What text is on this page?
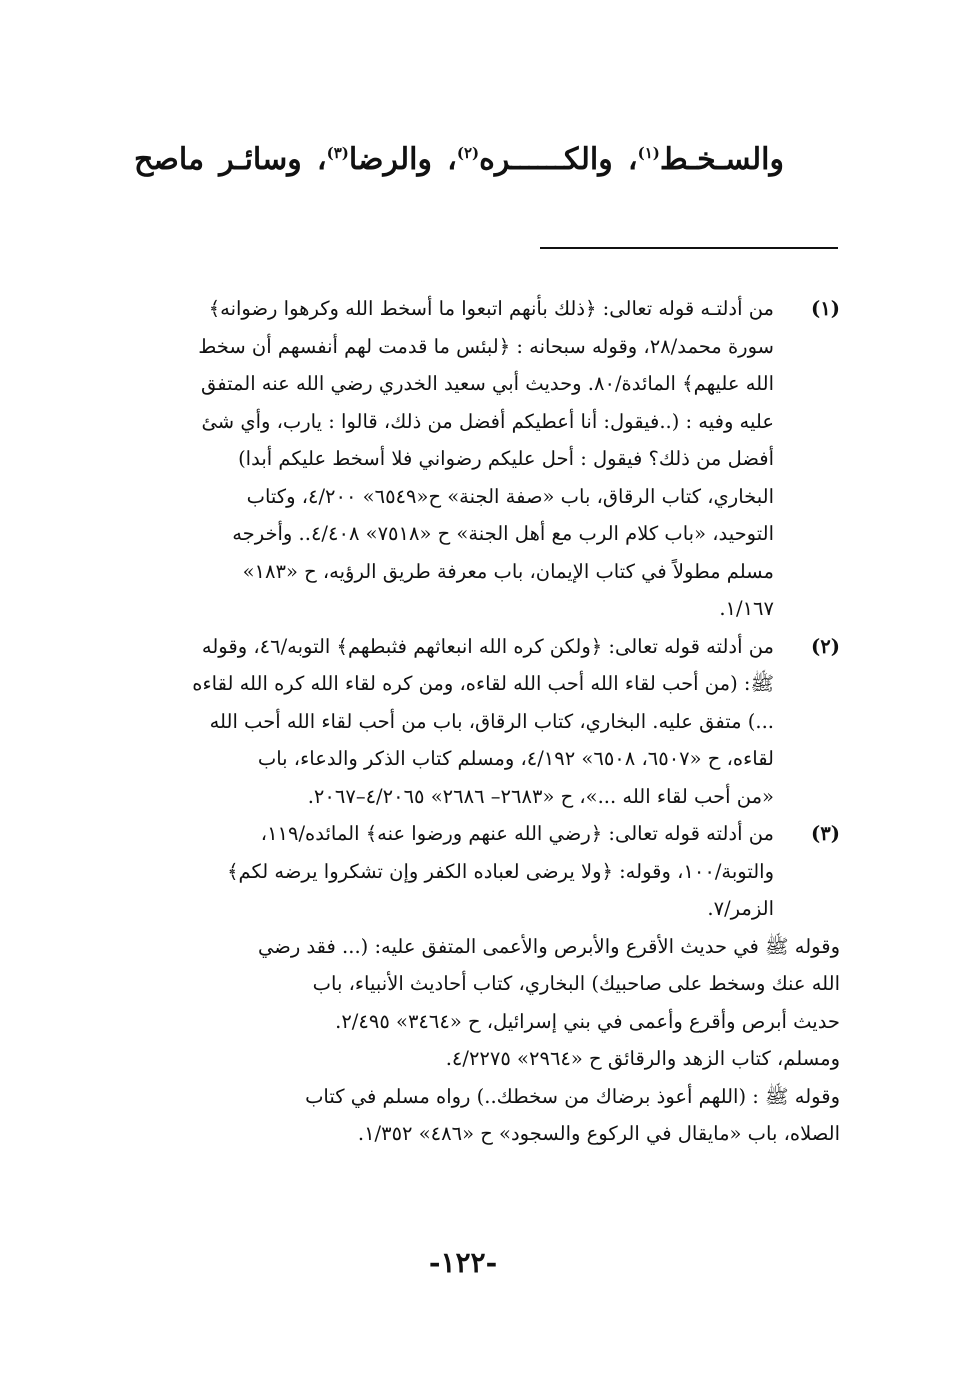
والسـخـط$^{(١)}$، والكــــــره$^{(٢)}$، والرضا$^{(٣)}$، وسائـر ماصح
(١)

من أدلتـه قوله تعالى: ﴿ذلك بأنهم اتبعوا ما أسخط الله وكرهوا رضوانه﴾

سورة محمد/٢٨، وقوله سبحانه : ﴿لبئس ما قدمت لهم أنفسهم أن سخط

الله عليهم﴾ المائدة/٨٠. وحديث أبي سعيد الخدري رضي الله عنه المتفق

عليه وفيه : (..فيقول: أنا أعطيكم أفضل من ذلك، قالوا : يارب، وأي شئ

أفضل من ذلك؟ فيقول : أحل عليكم رضواني فلا أسخط عليكم أبدا)

البخاري، كتاب الرقاق، باب «صفة الجنة» ح«٦٥٤٩» ٤/٢٠٠، وكتاب

التوحيد، «باب كلام الرب مع أهل الجنة» ح «٧٥١٨» ٤/٤٠٨.. وأخرجه

مسلم مطولاً في كتاب الإيمان، باب معرفة طريق الرؤيه، ح «١٨٣»

١/١٦٧.

(٢)

من أدلته قوله تعالى: ﴿ولكن كره الله انبعاثهم فثبطهم﴾ التوبه/٤٦، وقوله

ﷺ: (من أحب لقاء الله أحب الله لقاءه، ومن كره لقاء الله كره الله لقاءه

...) متفق عليه. البخاري، كتاب الرقاق، باب من أحب لقاء الله أحب الله

لقاءه، ح «٦٥٠٧، ٦٥٠٨» ٤/١٩٢، ومسلم كتاب الذكر والدعاء، باب

«من أحب لقاء الله ...»، ح «٢٦٨٣– ٢٦٨٦» ٤/٢٠٦٥–٢٠٦٧.

(٣)

من أدلته قوله تعالى: ﴿رضي الله عنهم ورضوا عنه﴾ المائده/١١٩،

والتوبة/١٠٠، وقوله: ﴿ولا يرضى لعباده الكفر وإن تشكروا يرضه لكم﴾

الزمر/٧.

وقوله ﷺ في حديث الأقرع والأبرص والأعمى المتفق عليه: (... فقد رضي

الله عنك وسخط على صاحبيك) البخاري، كتاب أحاديث الأنبياء، باب

حديث أبرص وأقرع وأعمى في بني إسرائيل، ح «٣٤٦٤» ٢/٤٩٥.

ومسلم، كتاب الزهد والرقائق ح «٢٩٦٤» ٤/٢٢٧٥.

وقوله ﷺ : (اللهم أعوذ برضاك من سخطك..) رواه مسلم في كتاب

الصلاه، باب «مايقال في الركوع والسجود» ح «٤٨٦» ١/٣٥٢.

-١٢٢-
